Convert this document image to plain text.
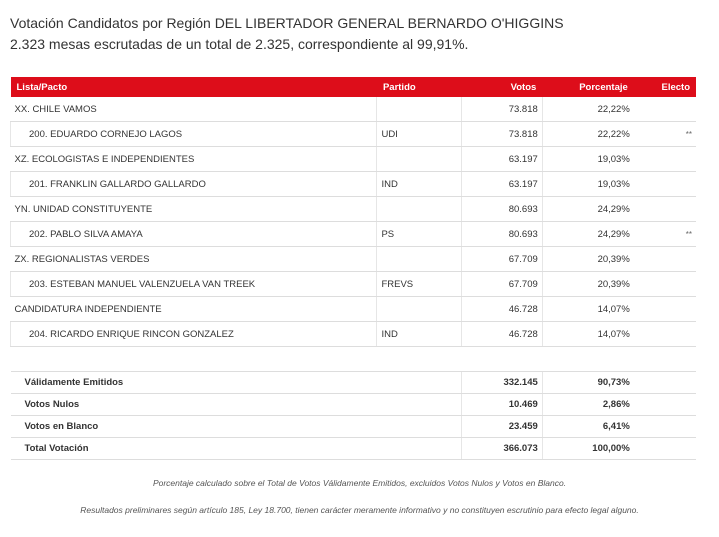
Votación Candidatos por Región DEL LIBERTADOR GENERAL BERNARDO O'HIGGINS
2.323 mesas escrutadas de un total de 2.325, correspondiente al 99,91%.
Lista/Pacto	Partido	Votos	Porcentaje	Electo
XX. CHILE VAMOS		73.818	22,22%	
200. EDUARDO CORNEJO LAGOS	UDI	73.818	22,22%	**
XZ. ECOLOGISTAS E INDEPENDIENTES		63.197	19,03%	
201. FRANKLIN GALLARDO GALLARDO	IND	63.197	19,03%	
YN. UNIDAD CONSTITUYENTE		80.693	24,29%	
202. PABLO SILVA AMAYA	PS	80.693	24,29%	**
ZX. REGIONALISTAS VERDES		67.709	20,39%	
203. ESTEBAN MANUEL VALENZUELA VAN TREEK	FREVS	67.709	20,39%	
CANDIDATURA INDEPENDIENTE		46.728	14,07%	
204. RICARDO ENRIQUE RINCON GONZALEZ	IND	46.728	14,07%	

Válidamente Emitidos		332.145	90,73%	
Votos Nulos		10.469	2,86%	
Votos en Blanco		23.459	6,41%	
Total Votación		366.073	100,00%	
Porcentaje calculado sobre el Total de Votos Válidamente Emitidos, excluidos Votos Nulos y Votos en Blanco.
Resultados preliminares según artículo 185, Ley 18.700, tienen carácter meramente informativo y no constituyen escrutinio para efecto legal alguno.
